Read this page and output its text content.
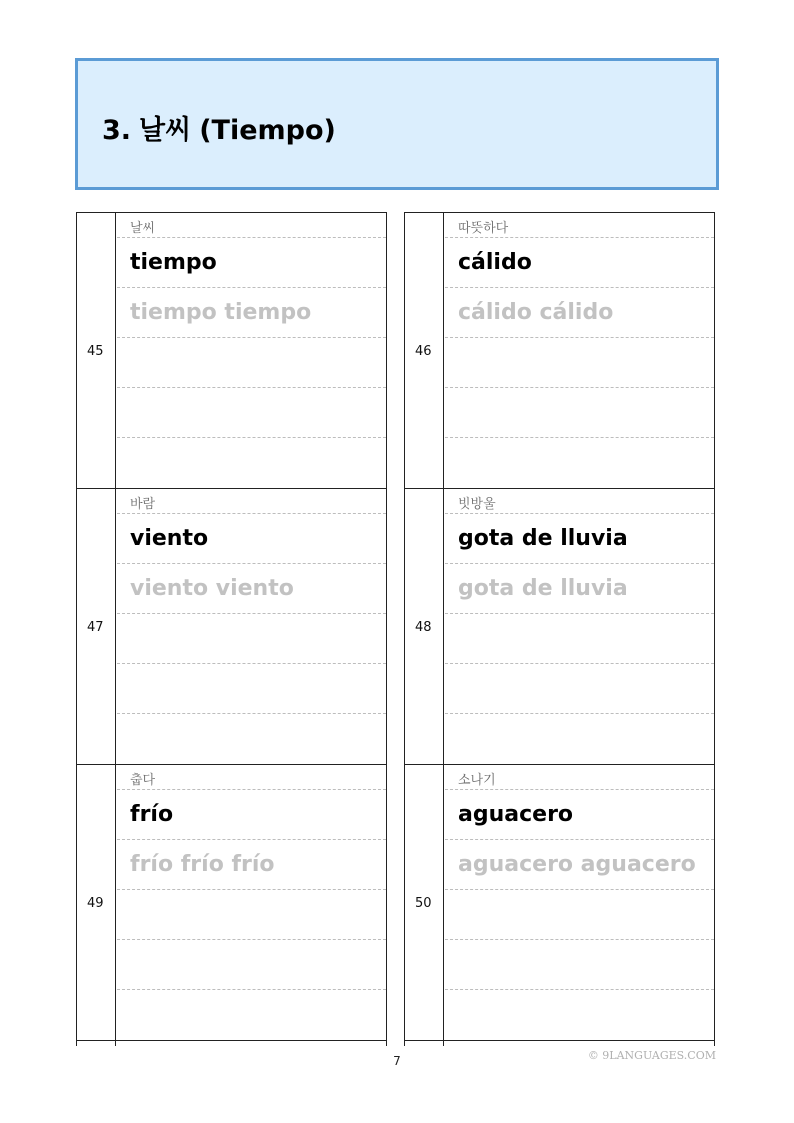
3. 날씨 (Tiempo)
45
날씨
tiempo
tiempo tiempo
46
따뜻하다
cálido
cálido cálido
47
바람
viento
viento viento
48
빗방울
gota de lluvia
gota de lluvia
49
춥다
frío
frío frío frío
50
소나기
aguacero
aguacero aguacero
7	© 9LANGUAGES.COM
